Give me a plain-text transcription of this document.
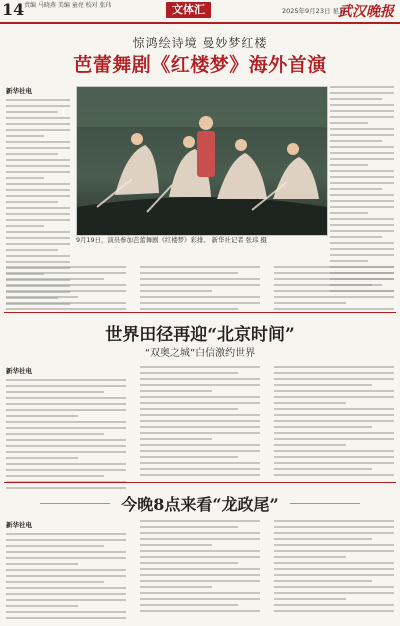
14 责编 马晓燕 美编 童亮 校对 张玮	文体汇	2025年9月23日 星期二
武汉晚报
惊鸿绘诗境 曼妙梦红楼
芭蕾舞剧《红楼梦》海外首演
新华社电
9月19日，演员参加芭蕾舞剧《红楼梦》彩排。 新华社记者 张玮 摄
世界田径再迎“北京时间”
“双奥之城”白信激约世界
新华社电
今晚8点来看“龙政尾”
新华社电
